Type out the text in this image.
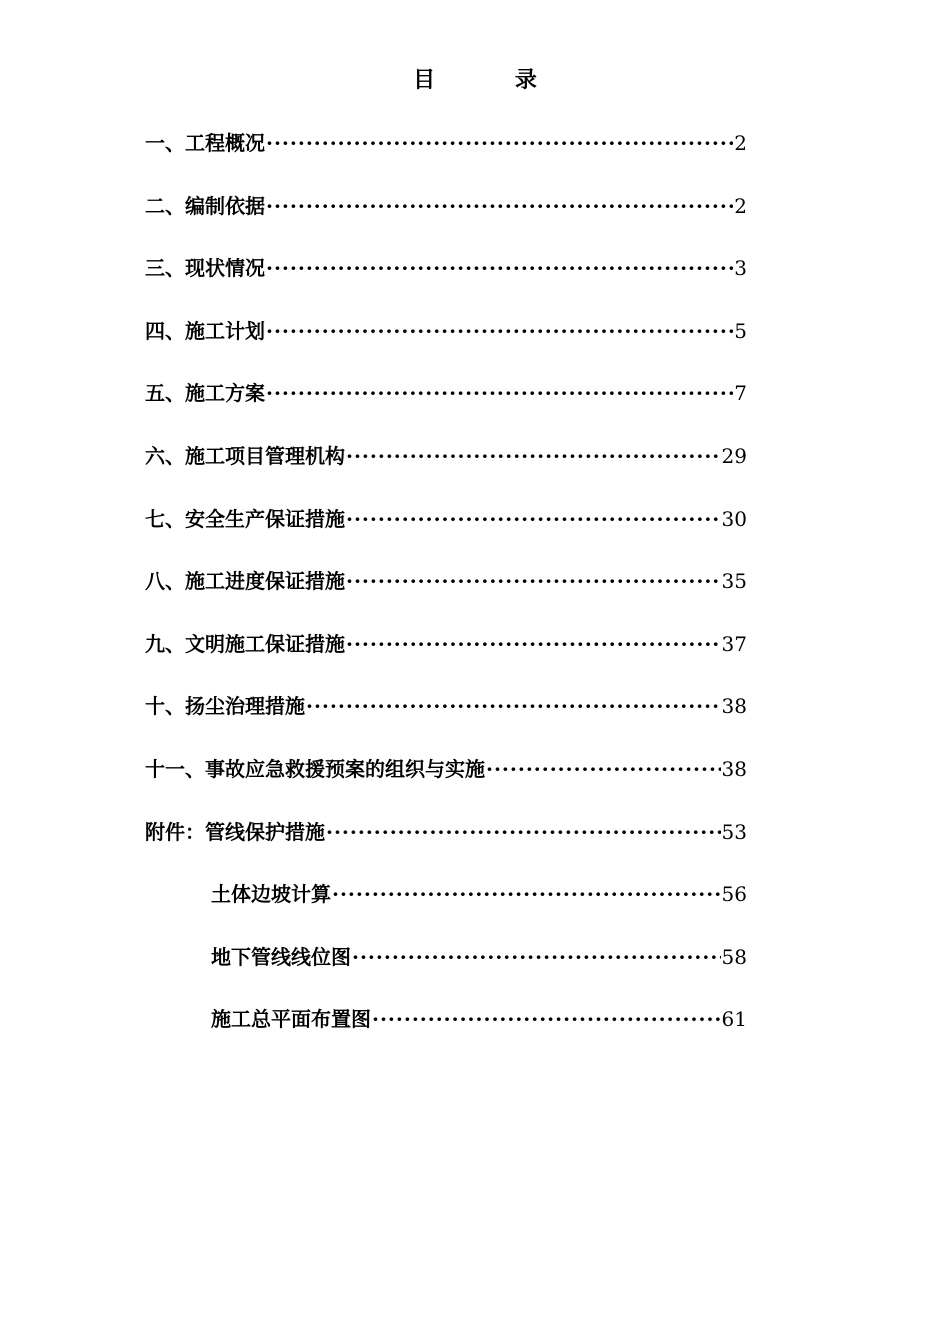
目 录
一、工程概况 ·····	2
二、编制依据 ·····	2
三、现状情况 ·····	3
四、施工计划 ·····	5
五、施工方案 ·····	7
六、施工项目管理机构 ·····	29
七、安全生产保证措施 ·····	30
八、施工进度保证措施 ·····	35
九、文明施工保证措施 ·····	37
十、扬尘治理措施 ·····	38
十一、事故应急救援预案的组织与实施 ·····	38
附件：管线保护措施 ·····	53
土体边坡计算 ·····	56
地下管线线位图 ·····	58
施工总平面布置图 ·····	61
